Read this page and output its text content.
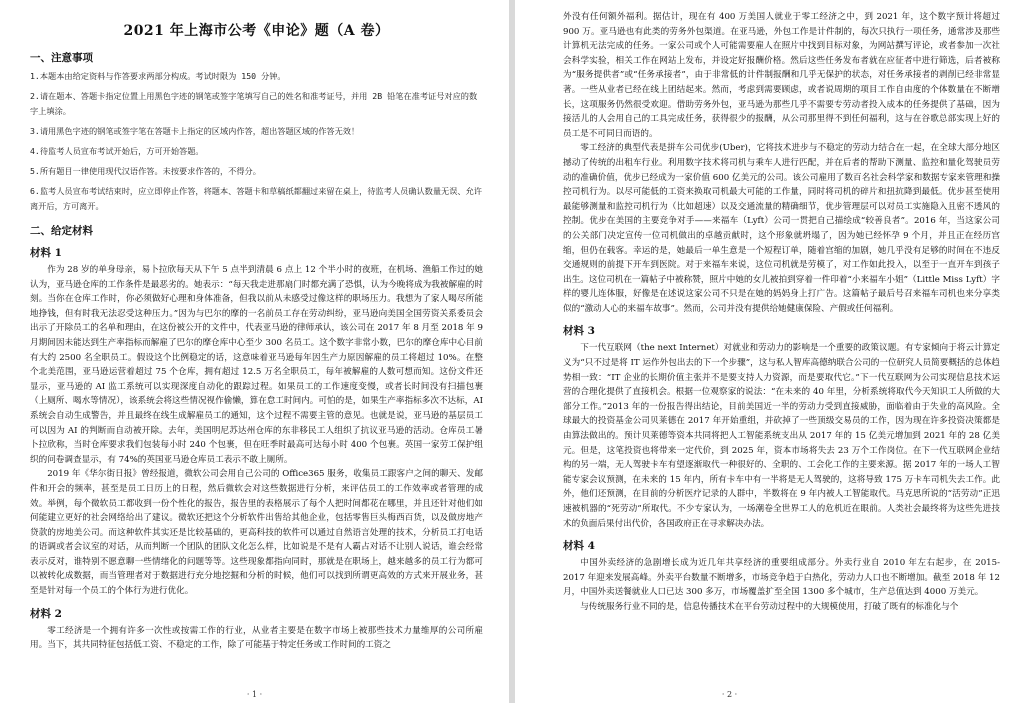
2021 年上海市公考《申论》题（A 卷）
一、注意事项
1.本题本由给定资料与作答要求两部分构成。考试时限为 150 分钟。
2.请在题本、答题卡指定位置上用黑色字迹的钢笔或签字笔填写自己的姓名和准考证号，并用 2B 铅笔在准考证号对应的数字上填涂。
3.请用黑色字迹的钢笔或签字笔在答题卡上指定的区域内作答，超出答题区域的作答无效！
4.待监考人员宣布考试开始后，方可开始答题。
5.所有题目一律使用现代汉语作答。未按要求作答的，不得分。
6.监考人员宣布考试结束时，应立即停止作答，将题本、答题卡和草稿纸都翻过来留在桌上，待监考人员确认数量无误、允许离开后，方可离开。
二、给定材料
材料 1

作为 28 岁的单身母亲，易卜拉欣每天从下午 5 点半到清晨 6 点上 12 个半小时的夜班，在机场、渔船工作过的她认为，亚马逊仓库的工作条件是最恶劣的。她表示：“每天我走进那扇门时都充满了恐惧，认为今晚将成为我被解雇的时刻。当你在仓库工作时，你必须做好心理和身体准备，但我以前从未感受过像这样的职场压力。我想为了家人喝尽所能地挣钱，但有时我无法忍受这种压力。”因为与巴尔的摩的一名前员工存在劳动纠纷，亚马逊向美国全国劳资关系委员会出示了开除员工的名单和理由，在这份被公开的文件中，代表亚马逊的律师承认，该公司在 2017 年 8 月至 2018 年 9 月期间因未能达到生产率指标而解雇了巴尔的摩仓库中心至少 300 名员工。这个数字非常小数，巴尔的摩仓库中心目前有大约 2500 名全职员工。假设这个比例稳定的话，这意味着亚马逊每年因生产力原因解雇的员工将超过 10%。在整个北美范围，亚马逊运营着超过 75 个仓库，拥有超过 12.5 万名全职员工，每年被解雇的人数可想而知。这份文件还显示，亚马逊的 AI 监工系统可以实现深度自动化的跟踪过程。如果员工的工作速度变慢，或者长时间没有扫描包裹（上厕所、喝水等情况），该系统会将这些情况视作偷懒，算在怠工时间内。可怕的是，如果生产率指标多次不达标，AI 系统会自动生成警告，并且最终在线生成解雇员工的通知，这个过程不需要主管的意见。也就是说，亚马逊的基层员工可以因为 AI 的判断而自动被开除。去年，美国明尼苏达州仓库的东非移民工人组织了抗议亚马逊的活动。仓库员工暑卜拉欣称，当时仓库要求我们包装每小时 240 个包裹，但在旺季时最高可达每小时 400 个包裹。英国一家劳工保护组织的问卷调查显示，有 74%的英国亚马逊仓库员工表示不敢上厕所。

2019 年《华尔街日报》曾经报道，微软公司会用自己公司的 Office365 服务，收集员工跟客户之间的聊天、发邮件和开会的频率，甚至是员工日历上的日程，然后微软会对这些数据进行分析，来评估员工的工作效率或者管理的成效。举例，每个微软员工都收到一份个性化的报告，报告里的表格展示了每个人把时间都花在哪里，并且还针对他们如何能建立更好的社会网络给出了建议。微软还把这个分析软件出售给其他企业，包括零售巨头梅西百货，以及做房地产贷款的房地美公司。而这种软件其实还是比较基础的，更高科技的软件可以通过自然语言处理的技术，分析员工打电话的语调或者会议室的对话，从而判断一个团队的团队文化怎么样，比如说是不是有人霸占对话不让别人说话，谁会经常表示反对，谁特别不愿意聊一些情绪化的问题等等。这些现象都指向同时，那就是在职场上，越来越多的员工行为都可以被转化成数据，而当管理者对于数据进行充分地挖掘和分析的时候，他们可以找到所谓更高效的方式来开展业务，甚至是针对每一个员工的个体行为进行优化。

材料 2

零工经济是一个拥有许多一次性或按需工作的行业，从业者主要是在数字市场上被那些技术力量维厚的公司所雇用。当下，其共同特征包括低工资、不稳定的工作，除了可能基于特定任务或工作时间的工资之

· 1 ·

外没有任何额外福利。据估计，现在有 400 万美国人就业于零工经济之中，到 2021 年，这个数字预计将超过 900 万。亚马逊也有此类的劳务外包渠道。在亚马逊，外包工作是计件制的，每次只执行一项任务，通常涉及那些计算机无法完成的任务。一家公司或个人可能需要雇人在照片中找到目标对象，为网站撰写评论，或者参加一次社会科学实验，相关工作在网站上发布，并设定好报酬价格。然后这些任务发布者就在应征者中进行筛选，后者被称为“服务提供者”或“任务承接者”，由于非常低的计件制报酬和几乎无保护的状态，对任务承接者的剥削已经非常显著。一些从业者已经在线上团结起来。然而，考虑到需要顾虑，或者说周期的项目工作自由度的个体数量在不断增长，这项服务仍然很受欢迎。借助劳务外包，亚马逊为那些几乎不需要专劳动者投入成本的任务提供了基础，因为接活儿的人会用自己的工具完成任务，获得很少的报酬，从公司那里得不到任何福利，这与在谷歌总部实现上好的员工是不可同日而语的。

零工经济的典型代表是拼车公司优步(Uber)，它将技术进步与不稳定的劳动力结合在一起，在全球大部分地区撼动了传统的出租车行业。利用数字技术将司机与乘车人进行匹配，并在后者的帮助下测量、监控和量化驾驶员劳动的准确价值，优步已经成为一家价值 600 亿美元的公司。该公司雇用了数百名社会科学家和数据专家来管理和操控司机行为。以尽可能低的工资来换取司机最大可能的工作量，同时将司机的碎片和扭抗降到最低。优步甚至使用最能够测量和监控司机行为（比如超速）以及交通流量的精确细节，优步管理层可以对员工实施隐入且密不透风的控制。优步在美国的主要竞争对手——来福车（Lyft）公司一贯把自己描绘成“较善良者”。2016 年，当这家公司的公关部门决定宣传一位司机做出的卓越贡献时，这个形象就坍塌了，因为她已经怀孕 9 个月，并且正在经历宫缩，但仍在载客。幸运的是，她最后一单生意是一个短程订单，随着宫缩的加剧，她几乎没有足够的时间在不违反交通规则的前提下开车到医院。对于来福车来说，这位司机就是劳模了，对工作如此投入，以至于一直开车到孩子出生。这位司机在一篇帖子中被称赞，照片中她的女儿被拍到穿着一件印着“小来福车小姐”（Little Miss Lyft）字样的婴儿连体服，好像是在述说这家公司不只是在她的妈妈身上打广告。这篇帖子最后号召来福车司机也来分享类似的“激动人心的来福车故事”。然而，公司并没有提供给她健康保险、产假或任何福利。

材料 3

下一代互联网（the next Internet）对就业和劳动力的影响是一个重要的政策议题。有专家倾向于将云计算定义为“只不过是将 IT 运作外包出去的下一个步骤”，这与私人智库高德纳联合公司的一位研究人员简要概括的总体趋势相一致：“IT 企业的长期价值主张并不是要支持人力资源，而是要取代它。”下一代互联网为公司实现信息技术运营的合理化提供了直接机会。根据一位观察家的说法：“在未来的 40 年里，分析系统将取代今天知识工人所做的大部分工作。”2013 年的一份报告得出结论，目前美国近一半的劳动力受到直接威胁，面临着由于失业的高风险。全球最大的投资基金公司贝莱德在 2017 年开始重组，并砍掉了一些顶级交易员的工作，因为现在许多投资决策都是由算法做出的。预计贝莱德等资本共同将把人工智能系统支出从 2017 年的 15 亿美元增加到 2021 年的 28 亿美元。但是，这笔投资也将带来一定代价，到 2025 年，资本市场将失去 23 万个工作岗位。在下一代互联网企业结构的另一端，无人驾驶卡车有望逐渐取代一种很好的、全职的、工会化工作的主要来源。据 2017 年的一场人工智能专家会议预测，在未来的 15 年内，所有卡车中有一半将是无人驾驶的，这将导致 175 万卡车司机失去工作。此外，他们还预测，在目前的分析医疗记录的人群中，半数将在 9 年内被人工智能取代。马克思所说的“活劳动”正迅速被机器的“死劳动”所取代。不少专家认为，一场潮卷全世界工人的危机近在眼前。人类社会最终将为这些先进技术的负面后果付出代价，各国政府正在寻求解决办法。

材料 4

中国外卖经济的急剧增长成为近几年共享经济的重要组成部分。外卖行业自 2010 年左右起步，在 2015-2017 年迎来发展高峰。外卖平台数量不断增多，市场竞争趋于白热化，劳动力人口也不断增加。截至 2018 年 12 月，中国外卖送餐就业人口已达 300 多万，市场覆盖扩至全国 1300 多个城市，生产总值达到 4000 万美元。

与传统服务行业不同的是，信息传播技术在平台劳动过程中的大规模使用，打破了既有的标准化与个

· 2 ·
